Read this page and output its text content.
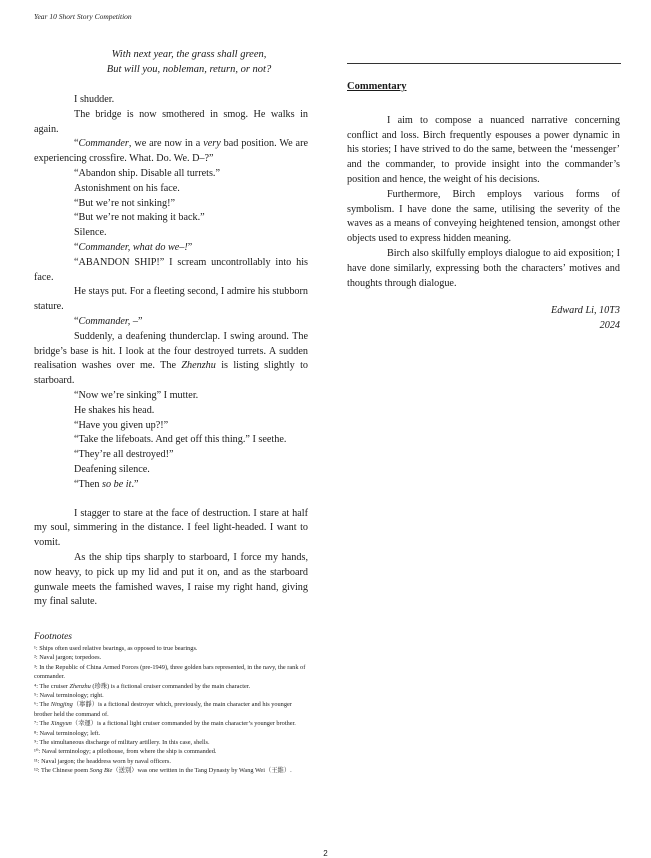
Year 10 Short Story Competition
With next year, the grass shall green,
But will you, nobleman, return, or not?

I shudder.

The bridge is now smothered in smog. He walks in again.

“Commander, we are now in a very bad position. We are experiencing crossfire. What. Do. We. D–?”

“Abandon ship. Disable all turrets.”

Astonishment on his face.

“But we’re not sinking!”

“But we’re not making it back.”

Silence.

“Commander, what do we–!”

“ABANDON SHIP!” I scream uncontrollably into his face.

He stays put. For a fleeting second, I admire his stubborn stature.

“Commander, –”

Suddenly, a deafening thunderclap. I swing around. The bridge’s base is hit. I look at the four destroyed turrets. A sudden realisation washes over me. The Zhenzhu is listing slightly to starboard.

“Now we’re sinking” I mutter.

He shakes his head.

“Have you given up?!”

“Take the lifeboats. And get off this thing.” I seethe.

“They’re all destroyed!”

Deafening silence.

“Then so be it.”

I stagger to stare at the face of destruction. I stare at half my soul, simmering in the distance. I feel light-headed. I want to vomit.

As the ship tips sharply to starboard, I force my hands, now heavy, to pick up my lid and put it on, and as the starboard gunwale meets the famished waves, I raise my right hand, giving my final salute.

Footnotes
¹: Ships often used relative bearings, as opposed to true bearings.
²: Naval jargon; torpedoes.
³: In the Republic of China Armed Forces (pre-1949), three golden bars represented, in the navy, the rank of commander.
⁴: The cruiser Zhenzhu (珍珠) is a fictional cruiser commanded by the main character.
⁵: Naval terminology; right.
⁶: The Ningjing（寧靜）is a fictional destroyer which, previously, the main character and his younger brother held the command of.
⁷: The Xingyun（幸運）is a fictional light cruiser commanded by the main character’s younger brother.
⁸: Naval terminology; left.
⁹: The simultaneous discharge of military artillery. In this case, shells.
¹⁰: Naval terminology; a pilothouse, from where the ship is commanded.
¹¹: Naval jargon; the headdress worn by naval officers.
¹²: The Chinese poem Song Bie（送別）was one written in the Tang Dynasty by Wang Wei（王維）.
Commentary

I aim to compose a nuanced narrative concerning conflict and loss. Birch frequently espouses a power dynamic in his stories; I have strived to do the same, between the ‘messenger’ and the commander, to provide insight into the commander’s position and hence, the weight of his decisions.

Furthermore, Birch employs various forms of symbolism. I have done the same, utilising the severity of the waves as a means of conveying heightened tension, amongst other objects used to express hidden meaning.

Birch also skilfully employs dialogue to aid exposition; I have done similarly, expressing both the characters’ motives and thoughts through dialogue.

Edward Li, 10T3
2024
2
